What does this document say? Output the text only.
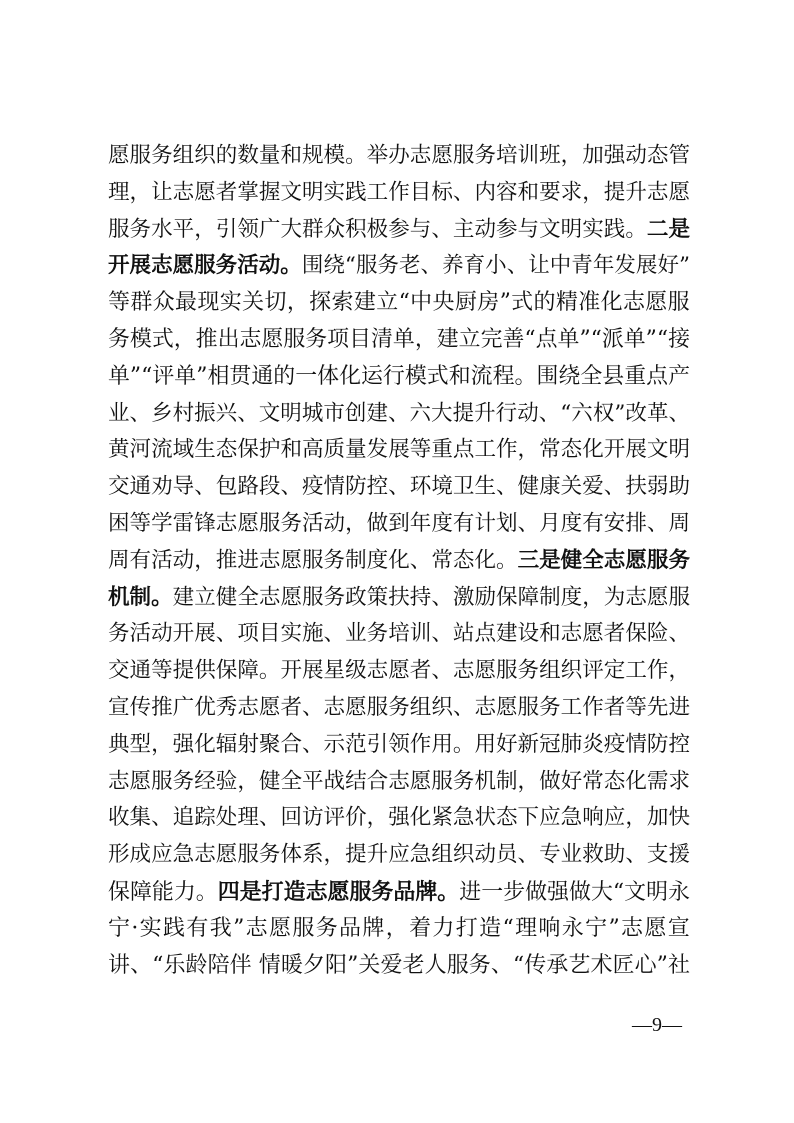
愿服务组织的数量和规模。举办志愿服务培训班，加强动态管
理，让志愿者掌握文明实践工作目标、内容和要求，提升志愿
服务水平，引领广大群众积极参与、主动参与文明实践。二是
开展志愿服务活动。围绕“服务老、养育小、让中青年发展好”
等群众最现实关切，探索建立“中央厨房”式的精准化志愿服
务模式，推出志愿服务项目清单，建立完善“点单”“派单”“接
单”“评单”相贯通的一体化运行模式和流程。围绕全县重点产
业、乡村振兴、文明城市创建、六大提升行动、“六权”改革、
黄河流域生态保护和高质量发展等重点工作，常态化开展文明
交通劝导、包路段、疫情防控、环境卫生、健康关爱、扶弱助
困等学雷锋志愿服务活动，做到年度有计划、月度有安排、周
周有活动，推进志愿服务制度化、常态化。三是健全志愿服务
机制。建立健全志愿服务政策扶持、激励保障制度，为志愿服
务活动开展、项目实施、业务培训、站点建设和志愿者保险、
交通等提供保障。开展星级志愿者、志愿服务组织评定工作，
宣传推广优秀志愿者、志愿服务组织、志愿服务工作者等先进
典型，强化辐射聚合、示范引领作用。用好新冠肺炎疫情防控
志愿服务经验，健全平战结合志愿服务机制，做好常态化需求
收集、追踪处理、回访评价，强化紧急状态下应急响应，加快
形成应急志愿服务体系，提升应急组织动员、专业救助、支援
保障能力。四是打造志愿服务品牌。进一步做强做大“文明永
宁·实践有我”志愿服务品牌，着力打造“理响永宁”志愿宣
讲、“乐龄陪伴 情暖夕阳”关爱老人服务、“传承艺术匠心”社
—9—
